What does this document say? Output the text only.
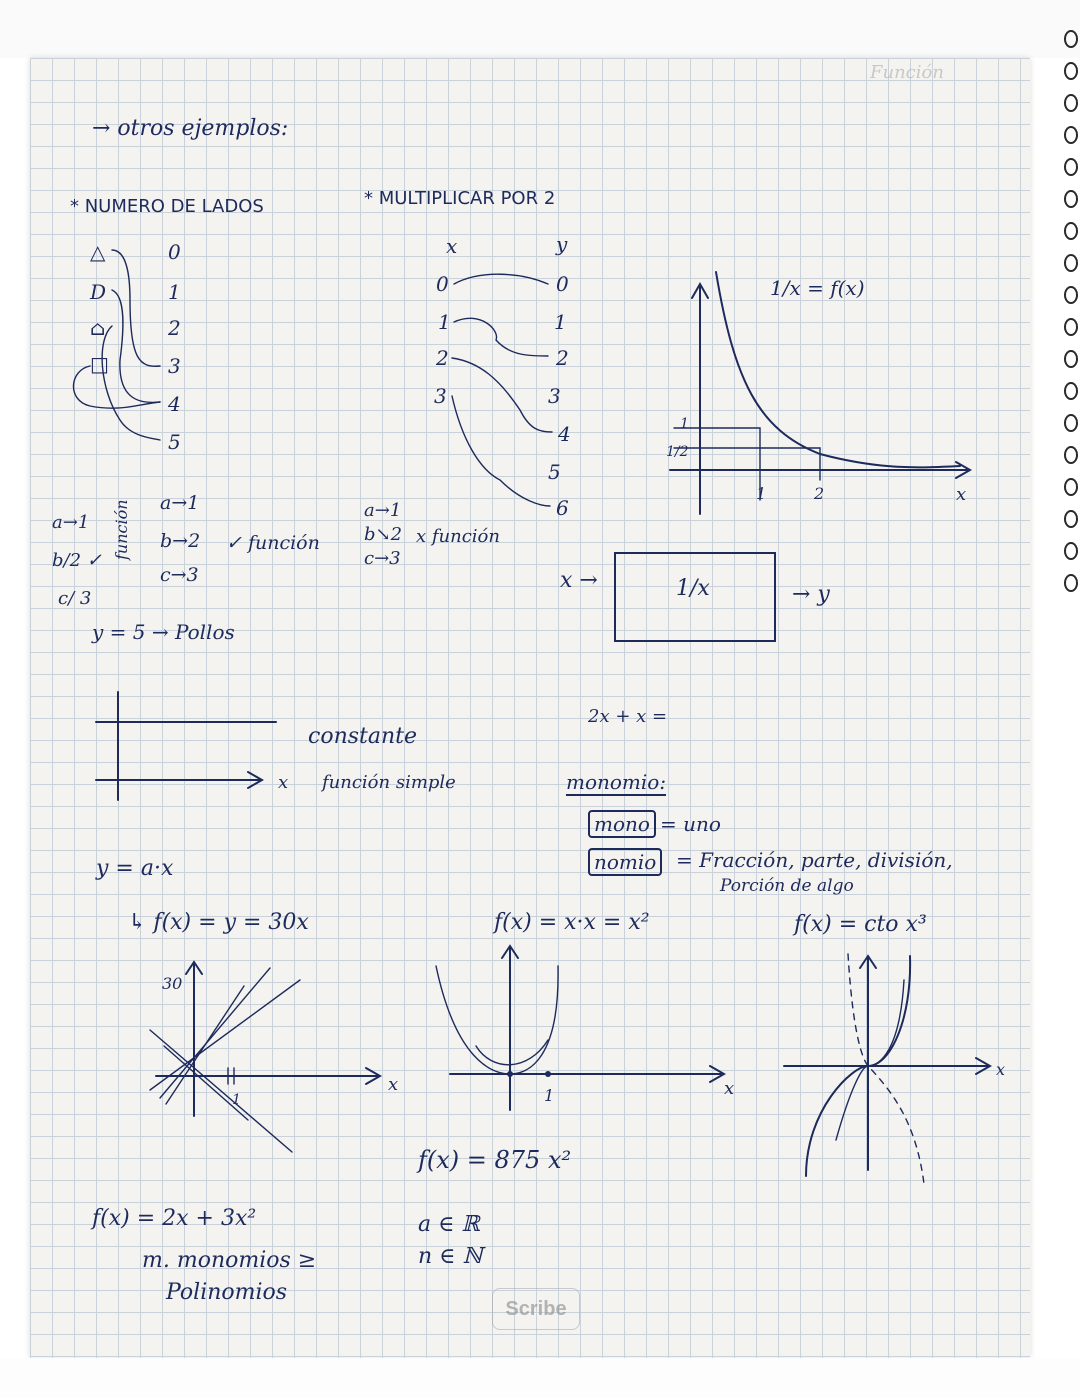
Función
→ otros ejemplos:
* NUMERO DE LADOS
△
D
⌂
□
0
1
2
3
4
5
a→1
b→2
c→3
✓ función
a→1
b/2 ✓
c/ 3
función
y = 5 → Pollos
* MULTIPLICAR POR 2
x	y
0
1
2
3
0
1
2
3
4
5
6
a→1
b↘2
c→3
x función
1/x = f(x)
1
1/2
1	2	x
x →	1/x	→ y
constante
x función simple
2x + x =
monomio:
mono = uno
nomio = Fracción, parte, división,
Porción de algo
y = a·x
↳ f(x) = y = 30x
30
1
x
f(x) = x·x = x²
1	x
f(x) = 875 x²
f(x) = cto x³
x
f(x) = 2x + 3x²
m. monomios ≥
Polinomios
a ∈ ℝ
n ∈ ℕ
Scribe
